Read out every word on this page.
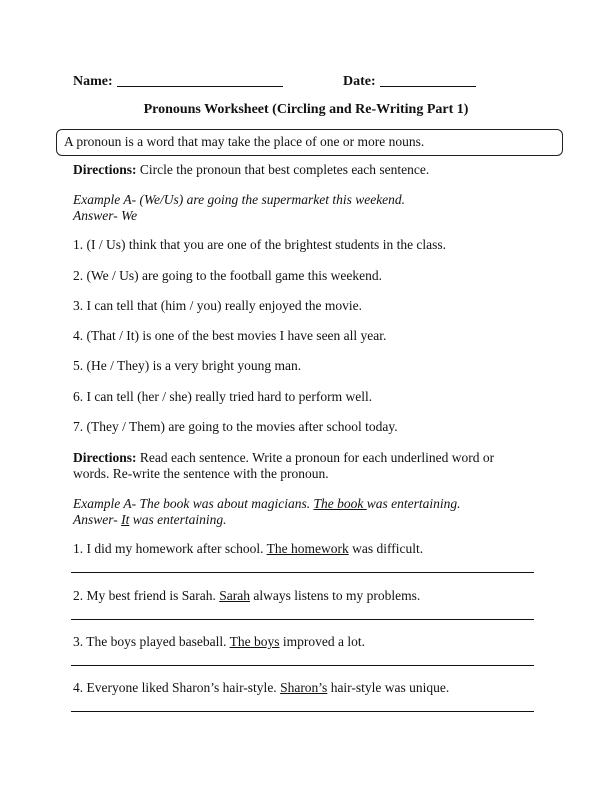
Name:	Date:
Pronouns Worksheet (Circling and Re-Writing Part 1)
A pronoun is a word that may take the place of one or more nouns.
Directions: Circle the pronoun that best completes each sentence.
Example A- (We/Us) are going the supermarket this weekend.
Answer- We
1. (I / Us) think that you are one of the brightest students in the class.
2. (We / Us) are going to the football game this weekend.
3. I can tell that (him / you) really enjoyed the movie.
4. (That / It) is one of the best movies I have seen all year.
5. (He / They) is a very bright young man.
6. I can tell (her / she) really tried hard to perform well.
7. (They / Them) are going to the movies after school today.
Directions: Read each sentence. Write a pronoun for each underlined word or
words. Re-write the sentence with the pronoun.
Example A- The book was about magicians. The book was entertaining.
Answer- It was entertaining.
1. I did my homework after school. The homework was difficult.
2. My best friend is Sarah. Sarah always listens to my problems.
3. The boys played baseball. The boys improved a lot.
4. Everyone liked Sharon’s hair-style. Sharon’s hair-style was unique.
